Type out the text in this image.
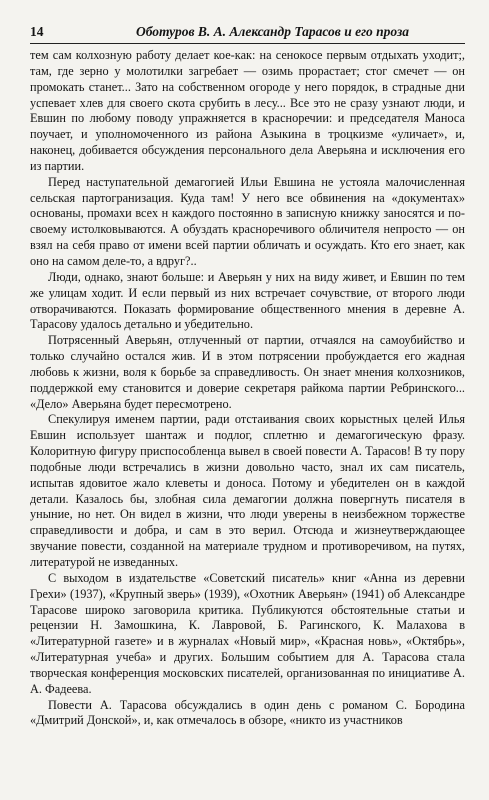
14	Оботуров В. А. Александр Тарасов и его проза

тем сам колхозную работу делает кое-как: на сенокосе первым отдыхать уходит;, там, где зерно у молотилки загребает — озимь прорастает; стог смечет — он промокать станет... Зато на собственном огороде у него порядок, в страдные дни успевает хлев для своего скота срубить в лесу... Все это не сразу узнают люди, и Евшин по любому поводу упражняется в красноречии: и председателя Маноса поучает, и уполномоченного из района Азыкина в троцкизме «уличает», и, наконец, добивается обсуждения персонального дела Аверьяна и исключения его из партии.

Перед наступательной демагогией Ильи Евшина не устояла малочисленная сельская партогранизация. Куда там! У него все обвинения на «документах» основаны, промахи всех н каждого постоянно в записную книжку заносятся и по-своему истолковываются. А обуздать красноречивого обличителя непросто — он взял на себя право от имени всей партии обличать и осуждать. Кто его знает, как оно на самом деле-то, а вдруг?..

Люди, однако, знают больше: и Аверьян у них на виду живет, и Евшин по тем же улицам ходит. И если первый из них встречает сочувствие, от второго люди отворачиваются. Показать формирование общественного мнения в деревне А. Тарасову удалось детально и убедительно.

Потрясенный Аверьян, отлученный от партии, отчаялся на самоубийство и только случайно остался жив. И в этом потрясении пробуждается его жадная любовь к жизни, воля к борьбе за справедливость. Он знает мнения колхозников, поддержкой ему становится и доверие секретаря райкома партии Ребринского... «Дело» Аверьяна будет пересмотрено.

Спекулируя именем партии, ради отстаивания своих корыстных целей Илья Евшин использует шантаж и подлог, сплетню и демагогическую фразу. Колоритную фигуру приспособленца вывел в своей повести А. Тарасов! В ту пору подобные люди встречались в жизни довольно часто, знал их сам писатель, испытав ядовитое жало клеветы и доноса. Потому и убедителен он в каждой детали. Казалось бы, злобная сила демагогии должна повергнуть писателя в уныние, но нет. Он видел в жизни, что люди уверены в неизбежном торжестве справедливости и добра, и сам в это верил. Отсюда и жизнеутверждающее звучание повести, созданной на материале трудном и противоречивом, на путях, литературой не изведанных.

С выходом в издательстве «Советский писатель» книг «Анна из деревни Грехи» (1937), «Крупный зверь» (1939), «Охотник Аверьян» (1941) об Александре Тарасове широко заговорила критика. Публикуются обстоятельные статьи и рецензии Н. Замошкина, К. Лавровой, Б. Рагинского, К. Малахова в «Литературной газете» и в журналах «Новый мир», «Красная новь», «Октябрь», «Литературная учеба» и других. Большим событием для А. Тарасова стала творческая конференция московских писателей, организованная по инициативе А. А. Фадеева.

Повести А. Тарасова обсуждались в один день с романом С. Бородина «Дмитрий Донской», и, как отмечалось в обзоре, «никто из участников
